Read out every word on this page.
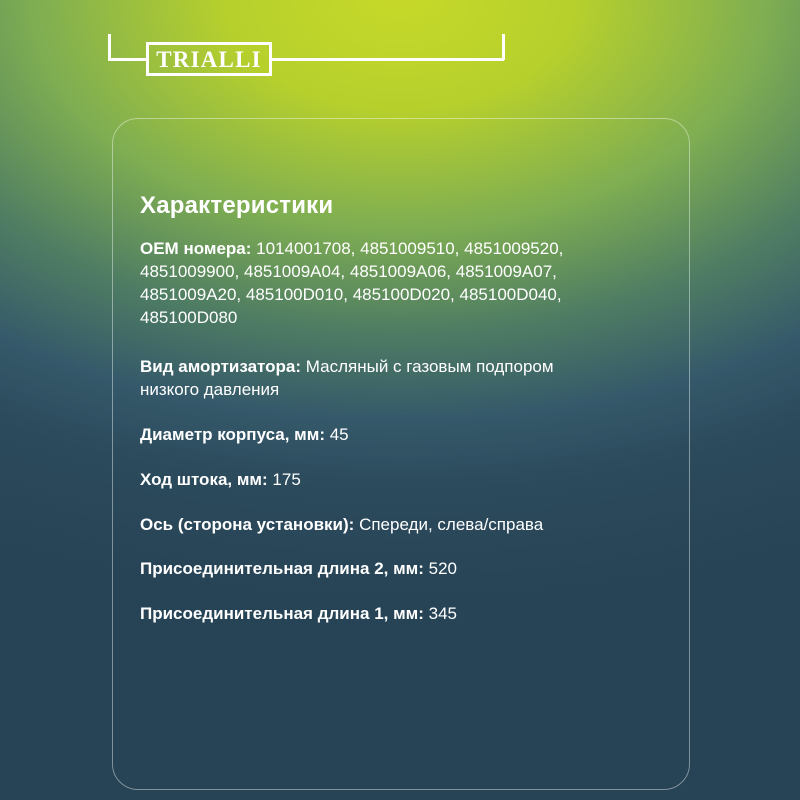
TRIALLI
Характеристики
OEM номера: 1014001708, 4851009510, 4851009520, 4851009900, 4851009A04, 4851009A06, 4851009A07, 4851009A20, 485100D010, 485100D020, 485100D040, 485100D080
Вид амортизатора: Масляный с газовым подпором низкого давления
Диаметр корпуса, мм: 45
Ход штока, мм: 175
Ось (сторона установки): Спереди, слева/справа
Присоединительная длина 2, мм: 520
Присоединительная длина 1, мм: 345
